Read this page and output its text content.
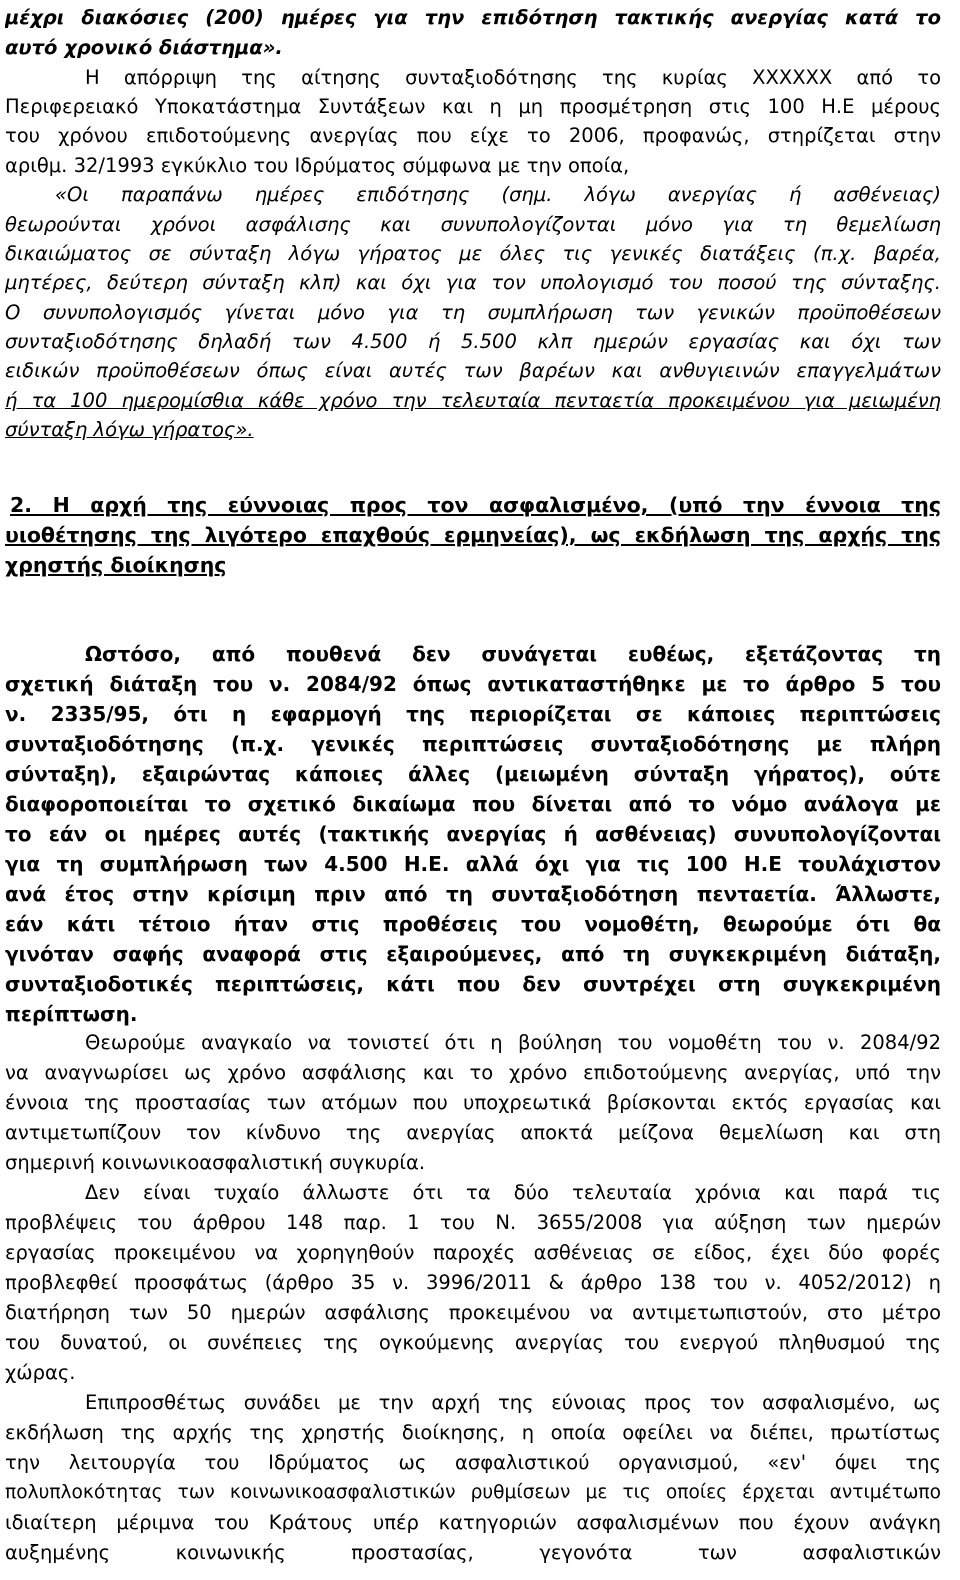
μέχρι διακόσιες (200) ημέρες για την επιδότηση τακτικής ανεργίας κατά το
αυτό χρονικό διάστημα».
Η απόρριψη της αίτησης συνταξιοδότησης της κυρίας ΧΧΧΧΧΧ από το
Περιφερειακό Υποκατάστημα Συντάξεων και η μη προσμέτρηση στις 100 Η.Ε μέρους
του χρόνου επιδοτούμενης ανεργίας που είχε το 2006, προφανώς, στηρίζεται στην
αριθμ. 32/1993 εγκύκλιο του Ιδρύματος σύμφωνα με την οποία,
«Οι παραπάνω ημέρες επιδότησης (σημ. λόγω ανεργίας ή ασθένειας)
θεωρούνται χρόνοι ασφάλισης και συνυπολογίζονται μόνο για τη θεμελίωση
δικαιώματος σε σύνταξη λόγω γήρατος με όλες τις γενικές διατάξεις (π.χ. βαρέα,
μητέρες, δεύτερη σύνταξη κλπ) και όχι για τον υπολογισμό του ποσού της σύνταξης.
Ο συνυπολογισμός γίνεται μόνο για τη συμπλήρωση των γενικών προϋποθέσεων
συνταξιοδότησης δηλαδή των 4.500 ή 5.500 κλπ ημερών εργασίας και όχι των
ειδικών προϋποθέσεων όπως είναι αυτές των βαρέων και ανθυγιεινών επαγγελμάτων
ή τα 100 ημερομίσθια κάθε χρόνο την τελευταία πενταετία προκειμένου για μειωμένη
σύνταξη λόγω γήρατος».
2. Η αρχή της εύννοιας προς τον ασφαλισμένο, (υπό την έννοια της
υιοθέτησης της λιγότερο επαχθούς ερμηνείας), ως εκδήλωση της αρχής της
χρηστής διοίκησης
Ωστόσο, από πουθενά δεν συνάγεται ευθέως, εξετάζοντας τη
σχετική διάταξη του ν. 2084/92 όπως αντικαταστήθηκε με το άρθρο 5 του
ν. 2335/95, ότι η εφαρμογή της περιορίζεται σε κάποιες περιπτώσεις
συνταξιοδότησης (π.χ. γενικές περιπτώσεις συνταξιοδότησης με πλήρη
σύνταξη), εξαιρώντας κάποιες άλλες (μειωμένη σύνταξη γήρατος), ούτε
διαφοροποιείται το σχετικό δικαίωμα που δίνεται από το νόμο ανάλογα με
το εάν οι ημέρες αυτές (τακτικής ανεργίας ή ασθένειας) συνυπολογίζονται
για τη συμπλήρωση των 4.500 Η.Ε. αλλά όχι για τις 100 Η.Ε τουλάχιστον
ανά έτος στην κρίσιμη πριν από τη συνταξιοδότηση πενταετία. Άλλωστε,
εάν κάτι τέτοιο ήταν στις προθέσεις του νομοθέτη, θεωρούμε ότι θα
γινόταν σαφής αναφορά στις εξαιρούμενες, από τη συγκεκριμένη διάταξη,
συνταξιοδοτικές περιπτώσεις, κάτι που δεν συντρέχει στη συγκεκριμένη
περίπτωση.
Θεωρούμε αναγκαίο να τονιστεί ότι η βούληση του νομοθέτη του ν. 2084/92
να αναγνωρίσει ως χρόνο ασφάλισης και το χρόνο επιδοτούμενης ανεργίας, υπό την
έννοια της προστασίας των ατόμων που υποχρεωτικά βρίσκονται εκτός εργασίας και
αντιμετωπίζουν τον κίνδυνο της ανεργίας αποκτά μείζονα θεμελίωση και στη
σημερινή κοινωνικοασφαλιστική συγκυρία.
Δεν είναι τυχαίο άλλωστε ότι τα δύο τελευταία χρόνια και παρά τις
προβλέψεις του άρθρου 148 παρ. 1 του Ν. 3655/2008 για αύξηση των ημερών
εργασίας προκειμένου να χορηγηθούν παροχές ασθένειας σε είδος, έχει δύο φορές
προβλεφθεί προσφάτως (άρθρο 35 ν. 3996/2011 & άρθρο 138 του ν. 4052/2012) η
διατήρηση των 50 ημερών ασφάλισης προκειμένου να αντιμετωπιστούν, στο μέτρο
του δυνατού, οι συνέπειες της ογκούμενης ανεργίας του ενεργού πληθυσμού της
χώρας.
Επιπροσθέτως συνάδει με την αρχή της εύνοιας προς τον ασφαλισμένο, ως
εκδήλωση της αρχής της χρηστής διοίκησης, η οποία οφείλει να διέπει, πρωτίστως
την λειτουργία του Ιδρύματος ως ασφαλιστικού οργανισμού, «εν' όψει της
πολυπλοκότητας των κοινωνικοασφαλιστικών ρυθμίσεων με τις οποίες έρχεται αντιμέτωπο
ιδιαίτερη μέριμνα του Κράτους υπέρ κατηγοριών ασφαλισμένων που έχουν ανάγκη
αυξημένης κοινωνικής προστασίας, γεγονότα των ασφαλιστικών
